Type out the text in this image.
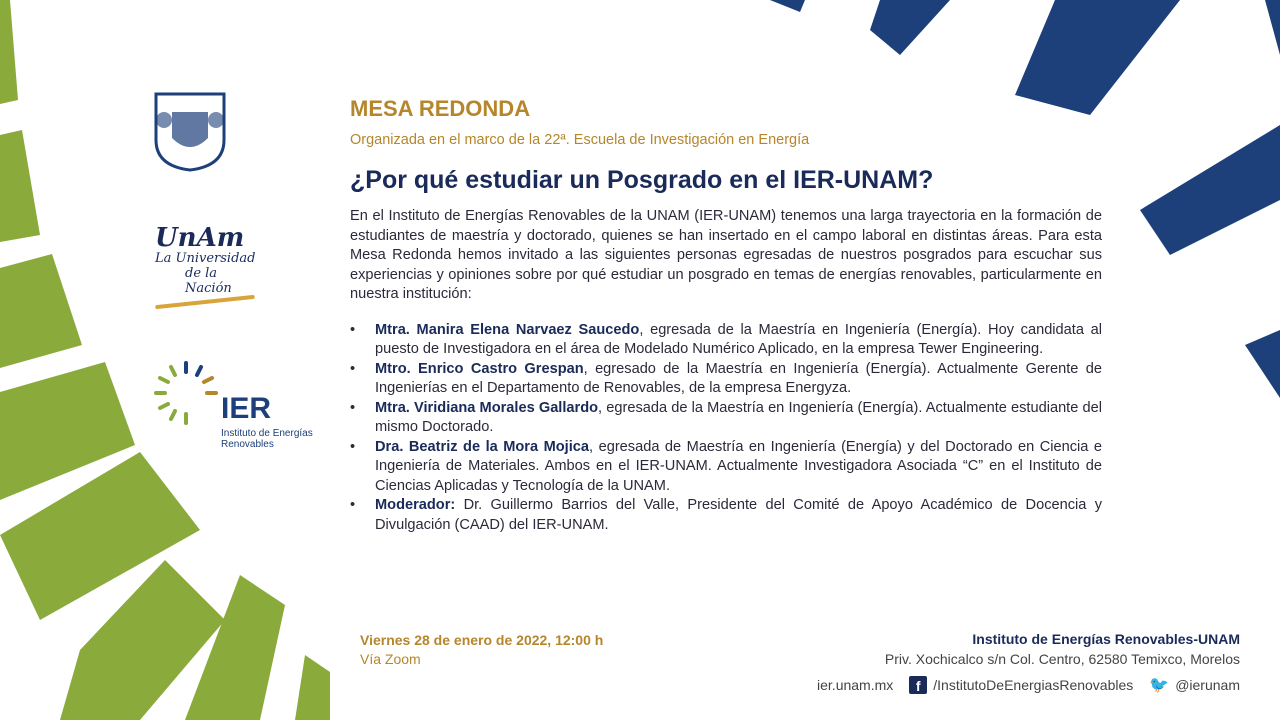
UnAm
La Universidad
de la Nación
IER
Instituto de Energías
Renovables

MESA REDONDA

Organizada en el marco de la 22ª. Escuela de Investigación en Energía

¿Por qué estudiar un Posgrado en el IER-UNAM?

En el Instituto de Energías Renovables de la UNAM (IER-UNAM) tenemos una larga trayectoria en la formación de estudiantes de maestría y doctorado, quienes se han insertado en el campo laboral en distintas áreas. Para esta Mesa Redonda hemos invitado a las siguientes personas egresadas de nuestros posgrados para escuchar sus experiencias y opiniones sobre por qué estudiar un posgrado en temas de energías renovables, particularmente en nuestra institución:

• Mtra. Manira Elena Narvaez Saucedo, egresada de la Maestría en Ingeniería (Energía). Hoy candidata al puesto de Investigadora en el área de Modelado Numérico Aplicado, en la empresa Tewer Engineering.
• Mtro. Enrico Castro Grespan, egresado de la Maestría en Ingeniería (Energía). Actualmente Gerente de Ingenierías en el Departamento de Renovables, de la empresa Energyza.
• Mtra. Viridiana Morales Gallardo, egresada de la Maestría en Ingeniería (Energía). Actualmente estudiante del mismo Doctorado.
• Dra. Beatriz de la Mora Mojica, egresada de Maestría en Ingeniería (Energía) y del Doctorado en Ciencia e Ingeniería de Materiales. Ambos en el IER-UNAM. Actualmente Investigadora Asociada “C” en el Instituto de Ciencias Aplicadas y Tecnología de la UNAM.
• Moderador: Dr. Guillermo Barrios del Valle, Presidente del Comité de Apoyo Académico de Docencia y Divulgación (CAAD) del IER-UNAM.
Viernes 28 de enero de 2022, 12:00 h
Vía Zoom
Instituto de Energías Renovables-UNAM
Priv. Xochicalco s/n Col. Centro, 62580 Temixco, Morelos
ier.unam.mx	f /InstitutoDeEnergiasRenovables 🐦 @ierunam
